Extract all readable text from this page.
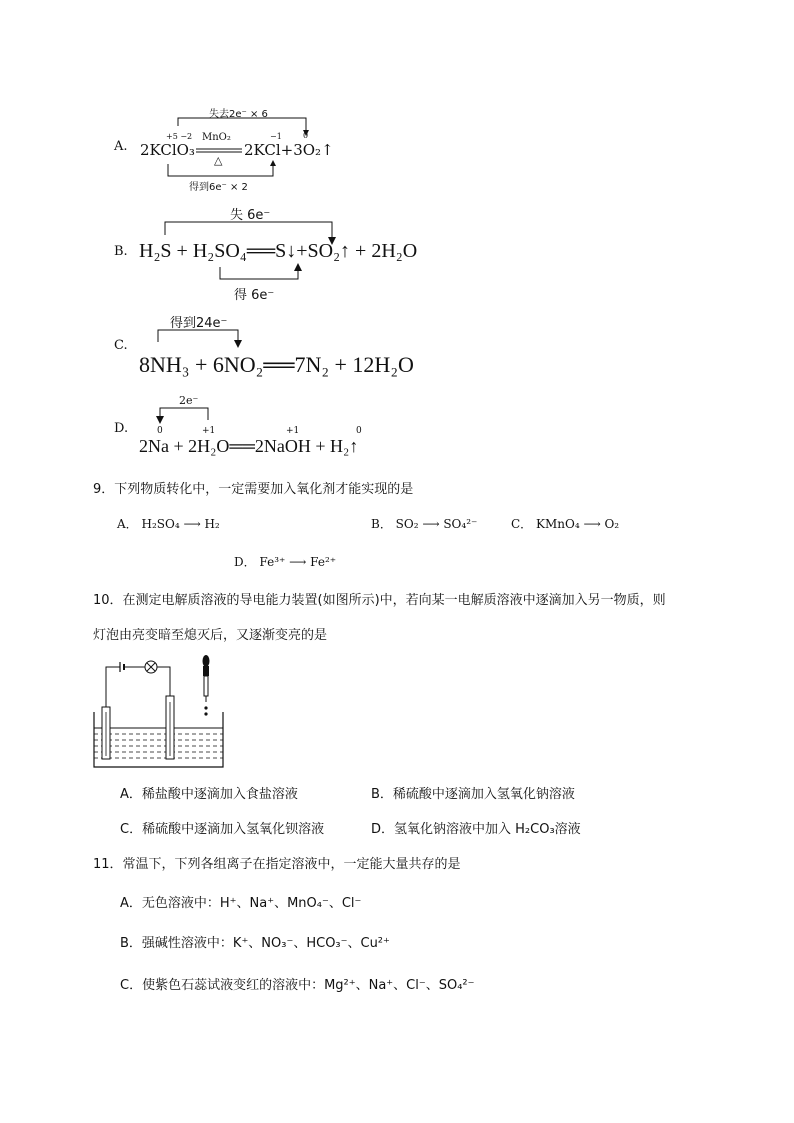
A.
失去2e⁻ × 6
+5 −2	−1	0
MnO₂
△
2KClO₃	2KCl+3O₂↑
得到6e⁻ × 2
B.
失 6e⁻
H₂S + H₂SO₄══S↓+SO₂↑ + 2H₂O
得 6e⁻
C.
得到24e⁻
8NH₃ + 6NO₂══7N₂ + 12H₂O
D.
2e⁻
0	+1	+1	0
2Na + 2H₂O══2NaOH + H₂↑
9．下列物质转化中，一定需要加入氧化剂才能实现的是
A． H₂SO₄ ⟶ H₂	B． SO₂ ⟶ SO₄²⁻	C． KMnO₄ ⟶ O₂
D． Fe³⁺ ⟶ Fe²⁺
10．在测定电解质溶液的导电能力装置(如图所示)中，若向某一电解质溶液中逐滴加入另一物质，则
灯泡由亮变暗至熄灭后，又逐渐变亮的是
A．稀盐酸中逐滴加入食盐溶液	B．稀硫酸中逐滴加入氢氧化钠溶液
C．稀硫酸中逐滴加入氢氧化钡溶液	D．氢氧化钠溶液中加入 H₂CO₃溶液
11．常温下，下列各组离子在指定溶液中，一定能大量共存的是
A．无色溶液中：H⁺、Na⁺、MnO₄⁻、Cl⁻
B．强碱性溶液中：K⁺、NO₃⁻、HCO₃⁻、Cu²⁺
C．使紫色石蕊试液变红的溶液中：Mg²⁺、Na⁺、Cl⁻、SO₄²⁻
